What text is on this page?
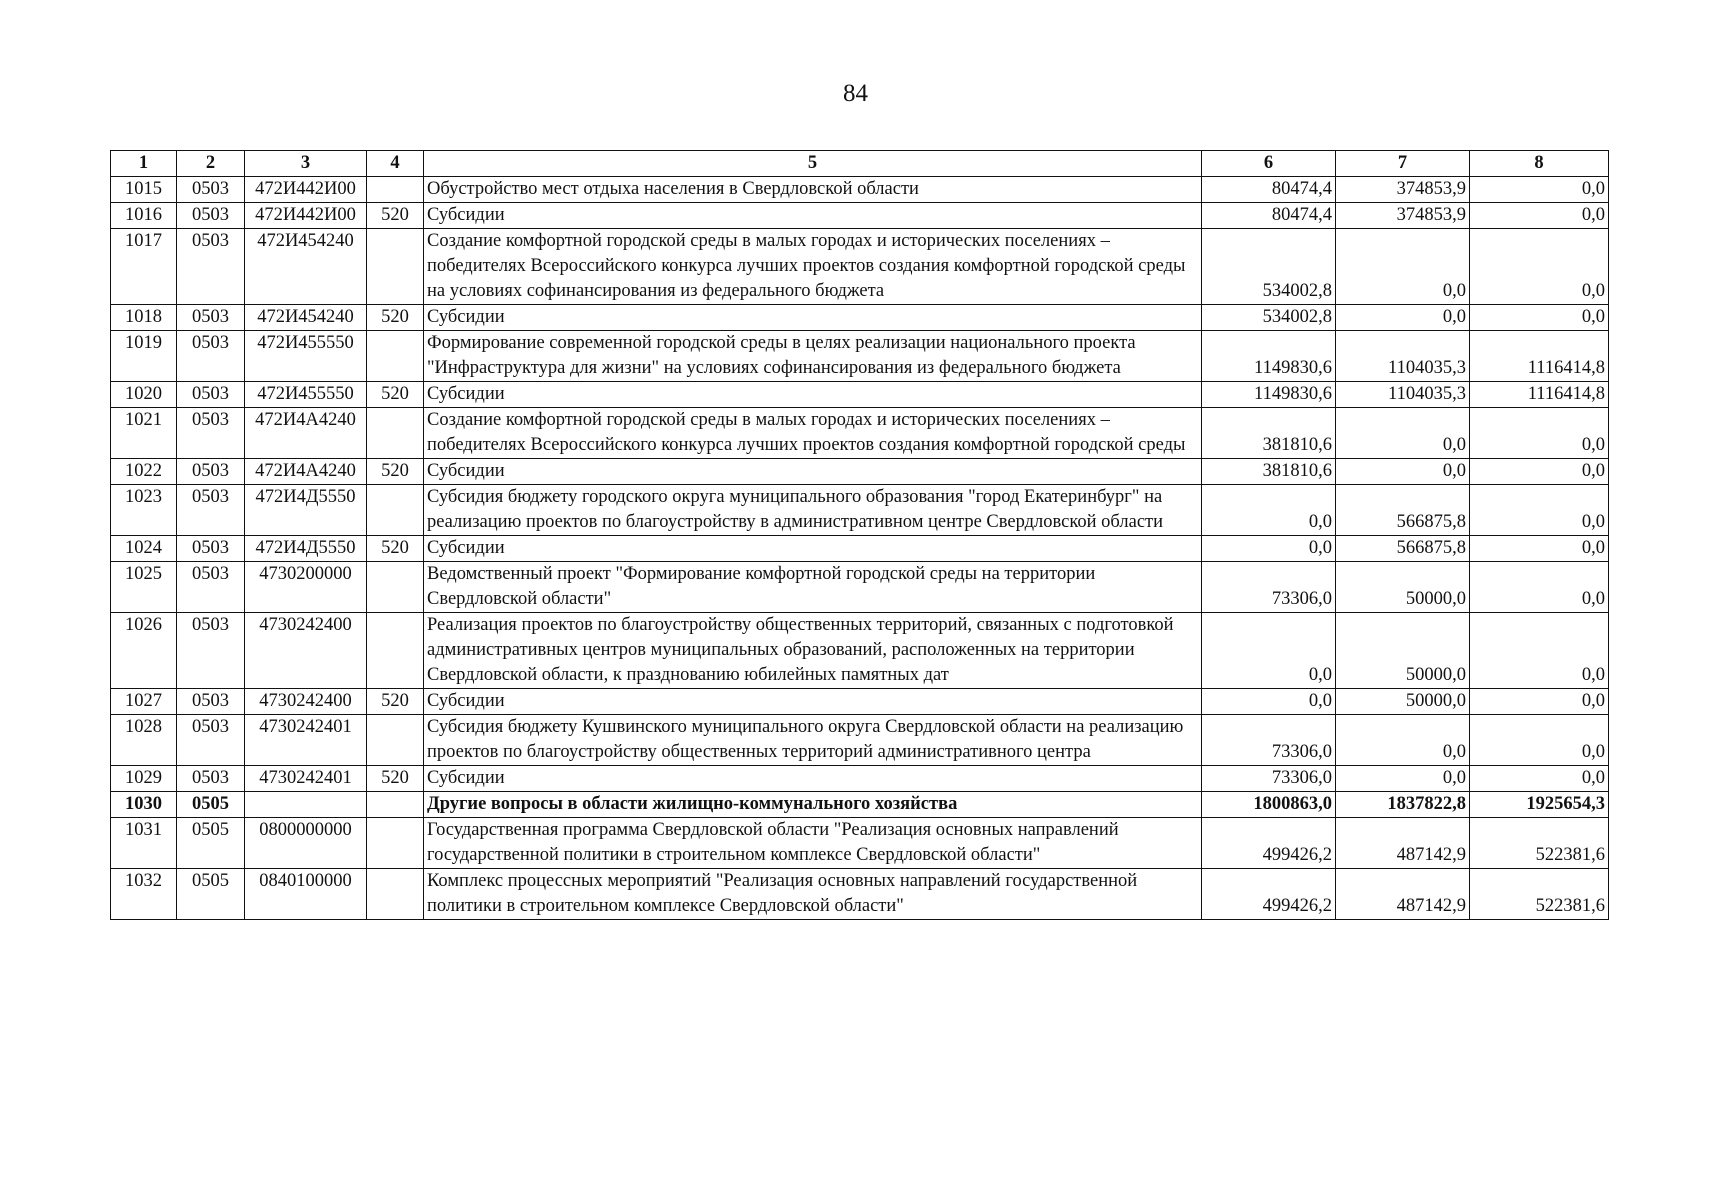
84
1	2	3	4	5	6	7	8
1015	0503	472И442И00		Обустройство мест отдыха населения в Свердловской области	80474,4	374853,9	0,0
1016	0503	472И442И00	520	Субсидии	80474,4	374853,9	0,0
1017	0503	472И454240		Создание комфортной городской среды в малых городах и исторических поселениях – победителях Всероссийского конкурса лучших проектов создания комфортной городской среды на условиях софинансирования из федерального бюджета	534002,8	0,0	0,0
1018	0503	472И454240	520	Субсидии	534002,8	0,0	0,0
1019	0503	472И455550		Формирование современной городской среды в целях реализации национального проекта "Инфраструктура для жизни" на условиях софинансирования из федерального бюджета	1149830,6	1104035,3	1116414,8
1020	0503	472И455550	520	Субсидии	1149830,6	1104035,3	1116414,8
1021	0503	472И4А4240		Создание комфортной городской среды в малых городах и исторических поселениях – победителях Всероссийского конкурса лучших проектов создания комфортной городской среды	381810,6	0,0	0,0
1022	0503	472И4А4240	520	Субсидии	381810,6	0,0	0,0
1023	0503	472И4Д5550		Субсидия бюджету городского округа муниципального образования "город Екатеринбург" на реализацию проектов по благоустройству в административном центре Свердловской области	0,0	566875,8	0,0
1024	0503	472И4Д5550	520	Субсидии	0,0	566875,8	0,0
1025	0503	4730200000		Ведомственный проект "Формирование комфортной городской среды на территории Свердловской области"	73306,0	50000,0	0,0
1026	0503	4730242400		Реализация проектов по благоустройству общественных территорий, связанных с подготовкой административных центров муниципальных образований, расположенных на территории Свердловской области, к празднованию юбилейных памятных дат	0,0	50000,0	0,0
1027	0503	4730242400	520	Субсидии	0,0	50000,0	0,0
1028	0503	4730242401		Субсидия бюджету Кушвинского муниципального округа Свердловской области на реализацию проектов по благоустройству общественных территорий административного центра	73306,0	0,0	0,0
1029	0503	4730242401	520	Субсидии	73306,0	0,0	0,0
1030	0505			Другие вопросы в области жилищно-коммунального хозяйства	1800863,0	1837822,8	1925654,3
1031	0505	0800000000		Государственная программа Свердловской области "Реализация основных направлений государственной политики в строительном комплексе Свердловской области"	499426,2	487142,9	522381,6
1032	0505	0840100000		Комплекс процессных мероприятий "Реализация основных направлений государственной политики в строительном комплексе Свердловской области"	499426,2	487142,9	522381,6
